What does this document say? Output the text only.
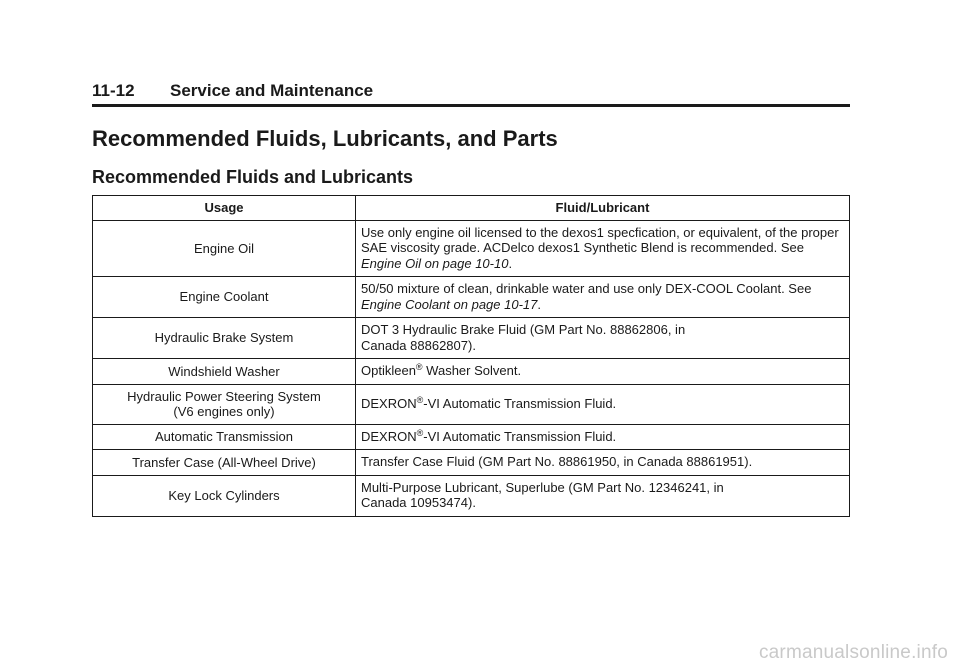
11-12 Service and Maintenance
Recommended Fluids, Lubricants, and Parts
Recommended Fluids and Lubricants
Usage	Fluid/Lubricant
Engine Oil	Use only engine oil licensed to the dexos1 specfication, or equivalent, of the proper SAE viscosity grade. ACDelco dexos1 Synthetic Blend is recommended. See Engine Oil on page 10-10.
Engine Coolant	50/50 mixture of clean, drinkable water and use only DEX-COOL Coolant. See Engine Coolant on page 10-17.
Hydraulic Brake System	DOT 3 Hydraulic Brake Fluid (GM Part No. 88862806, in
Canada 88862807).
Windshield Washer	Optikleen® Washer Solvent.
Hydraulic Power Steering System
(V6 engines only)	DEXRON®-VI Automatic Transmission Fluid.
Automatic Transmission	DEXRON®-VI Automatic Transmission Fluid.
Transfer Case (All-Wheel Drive)	Transfer Case Fluid (GM Part No. 88861950, in Canada 88861951).
Key Lock Cylinders	Multi-Purpose Lubricant, Superlube (GM Part No. 12346241, in
Canada 10953474).
carmanualsonline.info
